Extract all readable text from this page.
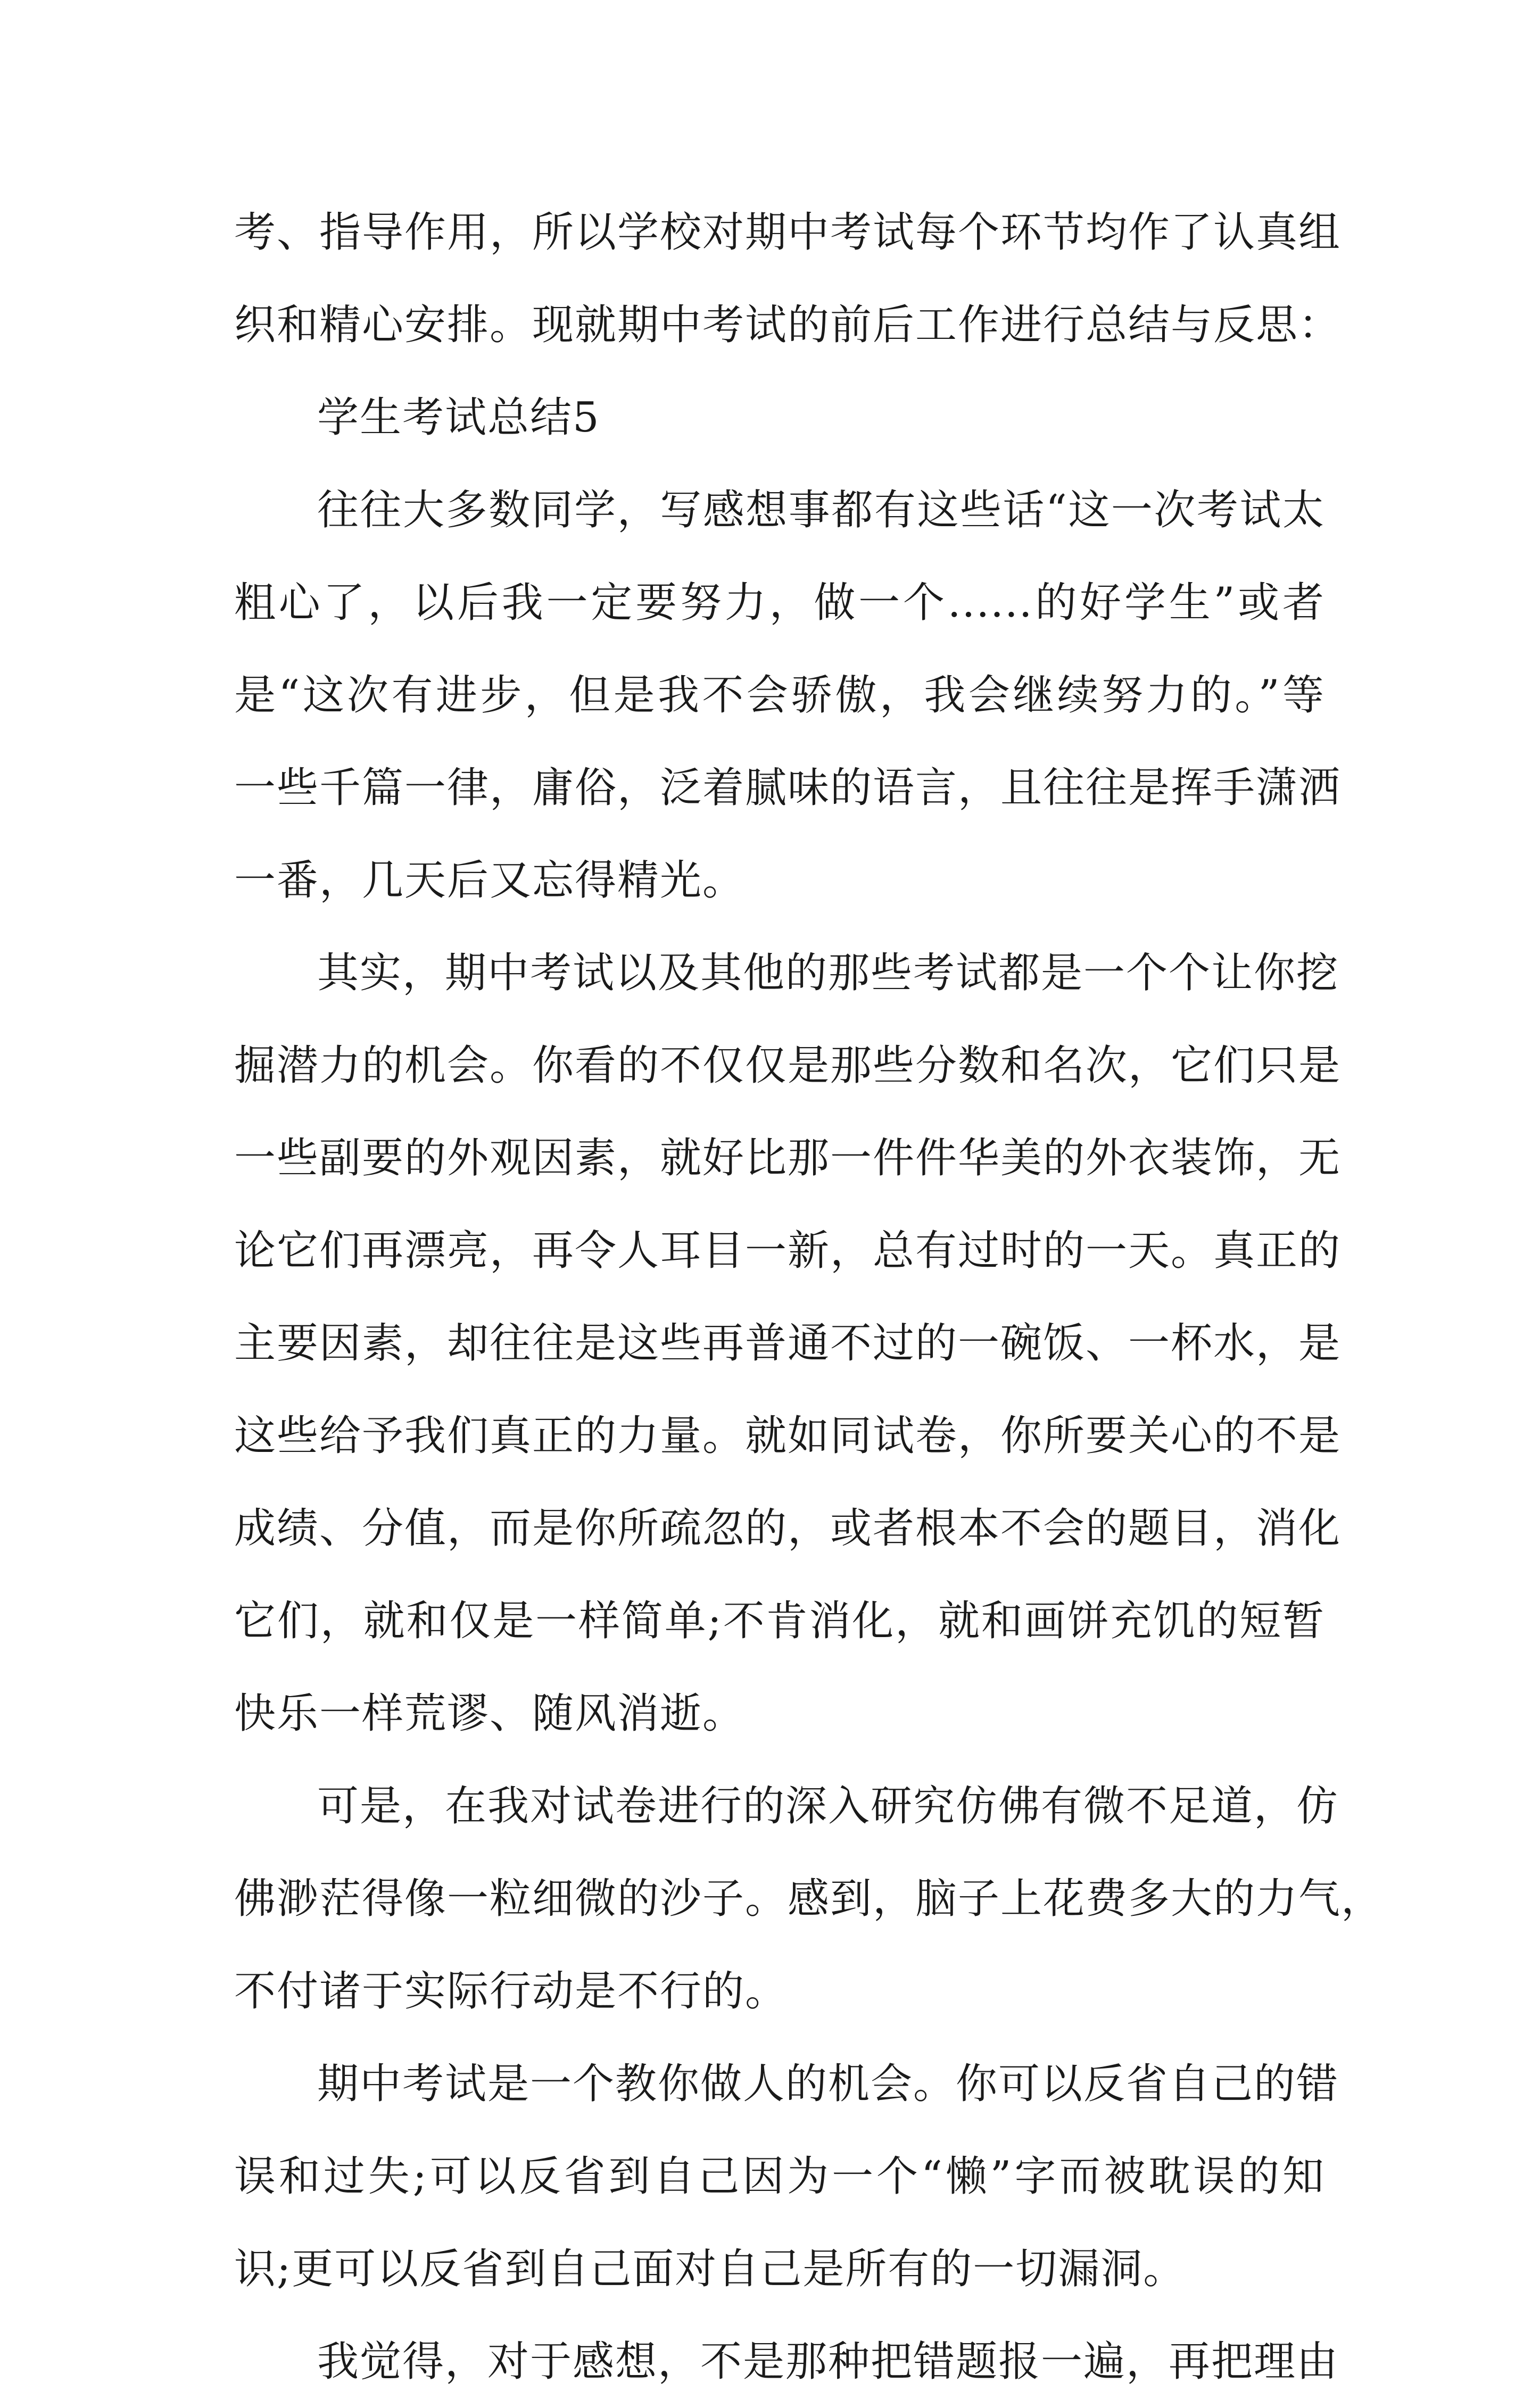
考、指导作用，所以学校对期中考试每个环节均作了认真组
织和精心安排。现就期中考试的前后工作进行总结与反思：
学生考试总结5
往往大多数同学，写感想事都有这些话“这一次考试太
粗心了，以后我一定要努力，做一个......的好学生”或者
是“这次有进步，但是我不会骄傲，我会继续努力的。”等
一些千篇一律，庸俗，泛着腻味的语言，且往往是挥手潇洒
一番，几天后又忘得精光。
其实，期中考试以及其他的那些考试都是一个个让你挖
掘潜力的机会。你看的不仅仅是那些分数和名次，它们只是
一些副要的外观因素，就好比那一件件华美的外衣装饰，无
论它们再漂亮，再令人耳目一新，总有过时的一天。真正的
主要因素，却往往是这些再普通不过的一碗饭、一杯水，是
这些给予我们真正的力量。就如同试卷，你所要关心的不是
成绩、分值，而是你所疏忽的，或者根本不会的题目，消化
它们，就和仅是一样简单;不肯消化，就和画饼充饥的短暂
快乐一样荒谬、随风消逝。
可是，在我对试卷进行的深入研究仿佛有微不足道，仿
佛渺茫得像一粒细微的沙子。感到，脑子上花费多大的力气，
不付诸于实际行动是不行的。
期中考试是一个教你做人的机会。你可以反省自己的错
误和过失;可以反省到自己因为一个“懒”字而被耽误的知
识;更可以反省到自己面对自己是所有的一切漏洞。
我觉得，对于感想，不是那种把错题报一遍，再把理由
